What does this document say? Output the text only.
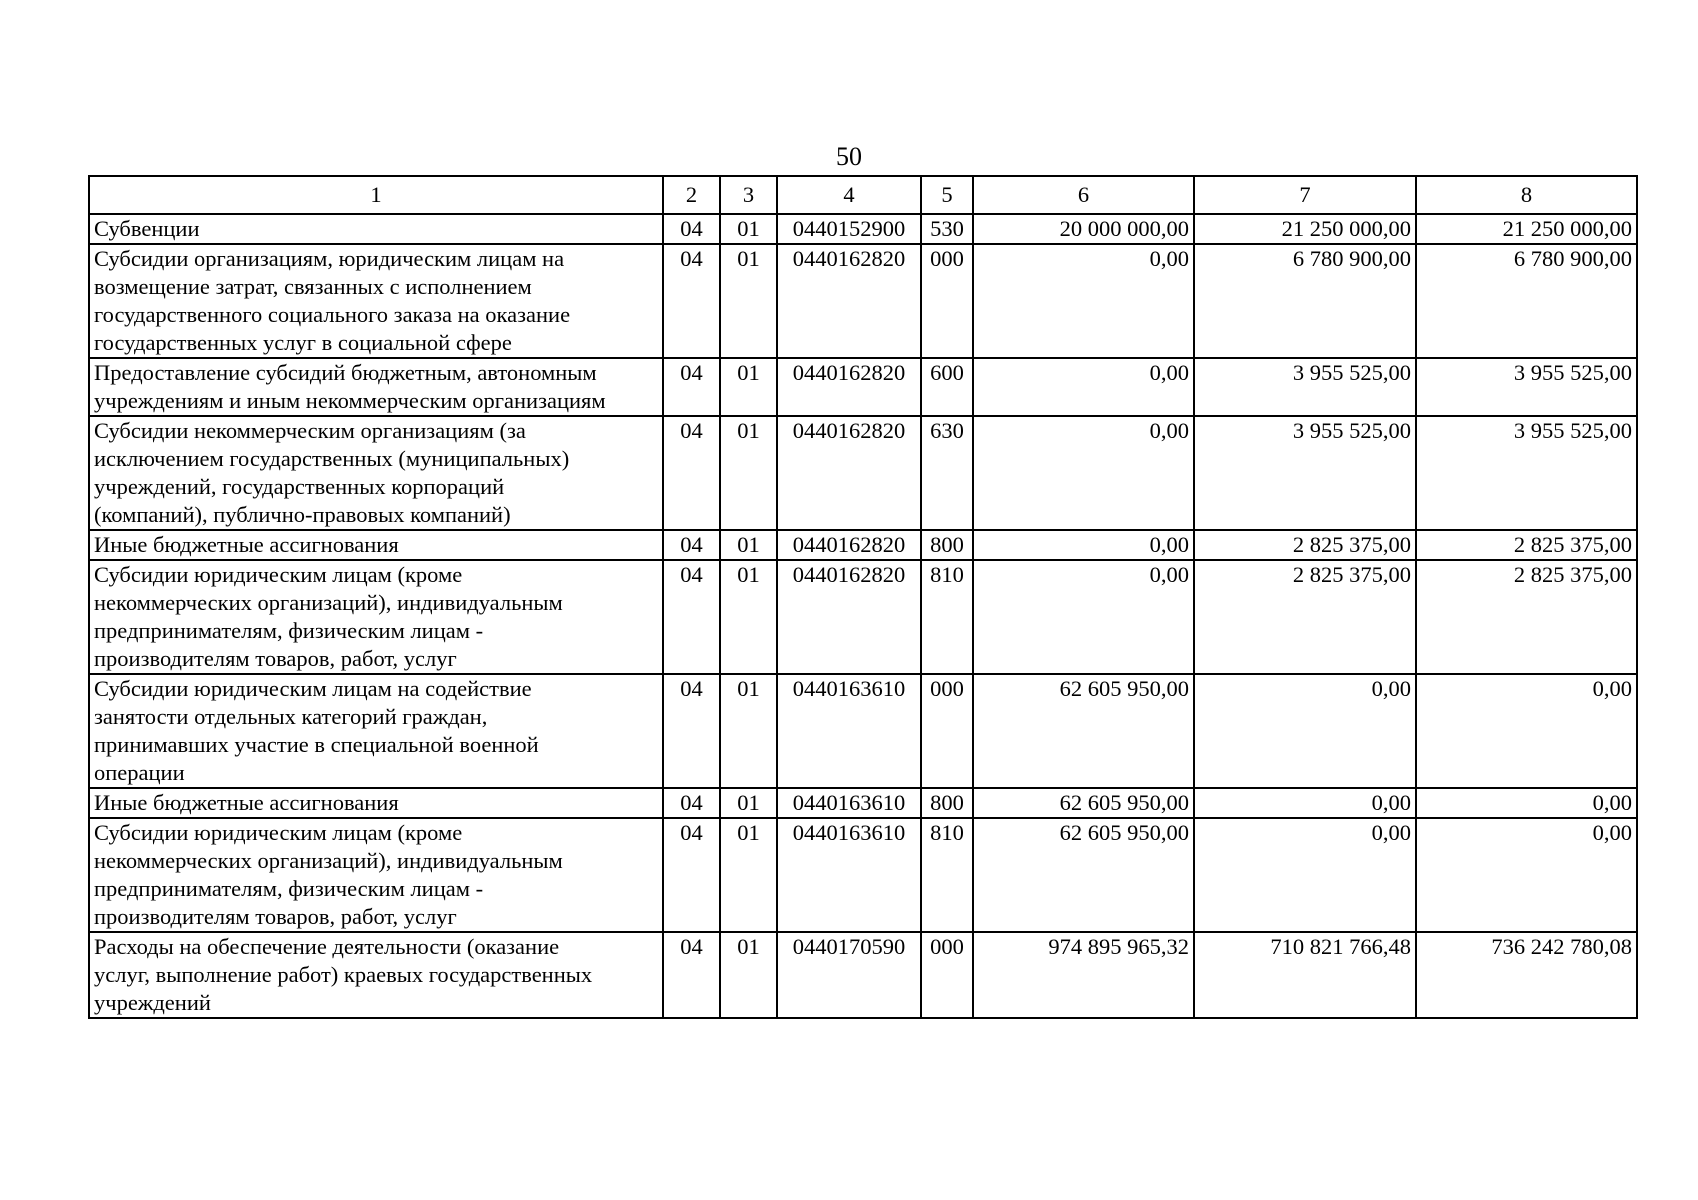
50
1	2	3	4	5	6	7	8
Субвенции	04	01	0440152900	530	20 000 000,00	21 250 000,00	21 250 000,00
Субсидии организациям, юридическим лицам на
возмещение затрат, связанных с исполнением
государственного социального заказа на оказание
государственных услуг в социальной сфере	04	01	0440162820	000	0,00	6 780 900,00	6 780 900,00
Предоставление субсидий бюджетным, автономным
учреждениям и иным некоммерческим организациям	04	01	0440162820	600	0,00	3 955 525,00	3 955 525,00
Субсидии некоммерческим организациям (за
исключением государственных (муниципальных)
учреждений, государственных корпораций
(компаний), публично-правовых компаний)	04	01	0440162820	630	0,00	3 955 525,00	3 955 525,00
Иные бюджетные ассигнования	04	01	0440162820	800	0,00	2 825 375,00	2 825 375,00
Субсидии юридическим лицам (кроме
некоммерческих организаций), индивидуальным
предпринимателям, физическим лицам -
производителям товаров, работ, услуг	04	01	0440162820	810	0,00	2 825 375,00	2 825 375,00
Субсидии юридическим лицам на содействие
занятости отдельных категорий граждан,
принимавших участие в специальной военной
операции	04	01	0440163610	000	62 605 950,00	0,00	0,00
Иные бюджетные ассигнования	04	01	0440163610	800	62 605 950,00	0,00	0,00
Субсидии юридическим лицам (кроме
некоммерческих организаций), индивидуальным
предпринимателям, физическим лицам -
производителям товаров, работ, услуг	04	01	0440163610	810	62 605 950,00	0,00	0,00
Расходы на обеспечение деятельности (оказание
услуг, выполнение работ) краевых государственных
учреждений	04	01	0440170590	000	974 895 965,32	710 821 766,48	736 242 780,08
